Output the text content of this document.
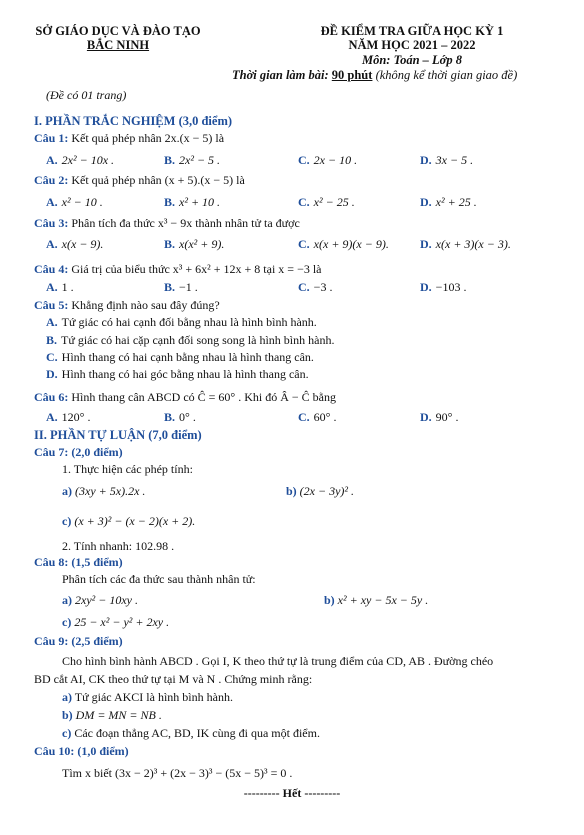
SỞ GIÁO DỤC VÀ ĐÀO TẠO
BẮC NINH
(Đề có 01 trang)
ĐỀ KIỂM TRA GIỮA HỌC KỲ 1
NĂM HỌC 2021 – 2022
Môn: Toán – Lớp 8
Thời gian làm bài: 90 phút (không kể thời gian giao đề)
I. PHẦN TRẮC NGHIỆM (3,0 điểm)
Câu 1: Kết quả phép nhân 2x.(x − 5) là
A. 2x² − 10x .	B. 2x² − 5 .	C. 2x − 10 .	D. 3x − 5 .
Câu 2: Kết quả phép nhân (x + 5).(x − 5) là
A. x² − 10 .	B. x² + 10 .	C. x² − 25 .	D. x² + 25 .
Câu 3: Phân tích đa thức x³ − 9x thành nhân tử ta được
A. x(x − 9).	B. x(x² + 9).	C. x(x + 9)(x − 9).	D. x(x + 3)(x − 3).
Câu 4: Giá trị của biểu thức x³ + 6x² + 12x + 8 tại x = −3 là
A. 1 .	B. −1 .	C. −3 .	D. −103 .
Câu 5: Khẳng định nào sau đây đúng?
A. Tứ giác có hai cạnh đối bằng nhau là hình bình hành.
B. Tứ giác có hai cặp cạnh đối song song là hình bình hành.
C. Hình thang có hai cạnh bằng nhau là hình thang cân.
D. Hình thang có hai góc bằng nhau là hình thang cân.
Câu 6: Hình thang cân ABCD có Ĉ = 60° . Khi đó Â − Ĉ bằng
A. 120° .	B. 0° .	C. 60° .	D. 90° .
II. PHẦN TỰ LUẬN (7,0 điểm)
Câu 7: (2,0 điểm)
1. Thực hiện các phép tính:
a) (3xy + 5x).2x .	b) (2x − 3y)² .
c) (x + 3)² − (x − 2)(x + 2).
2. Tính nhanh: 102.98 .
Câu 8: (1,5 điểm)
Phân tích các đa thức sau thành nhân tử:
a) 2xy² − 10xy .	b) x² + xy − 5x − 5y .
c) 25 − x² − y² + 2xy .
Câu 9: (2,5 điểm)
Cho hình bình hành ABCD . Gọi I, K theo thứ tự là trung điểm của CD, AB . Đường chéo
BD cắt AI, CK theo thứ tự tại M và N . Chứng minh rằng:
a) Tứ giác AKCI là hình bình hành.
b) DM = MN = NB .
c) Các đoạn thẳng AC, BD, IK cùng đi qua một điểm.
Câu 10: (1,0 điểm)
Tìm x biết (3x − 2)³ + (2x − 3)³ − (5x − 5)³ = 0 .
--------- Hết ---------
